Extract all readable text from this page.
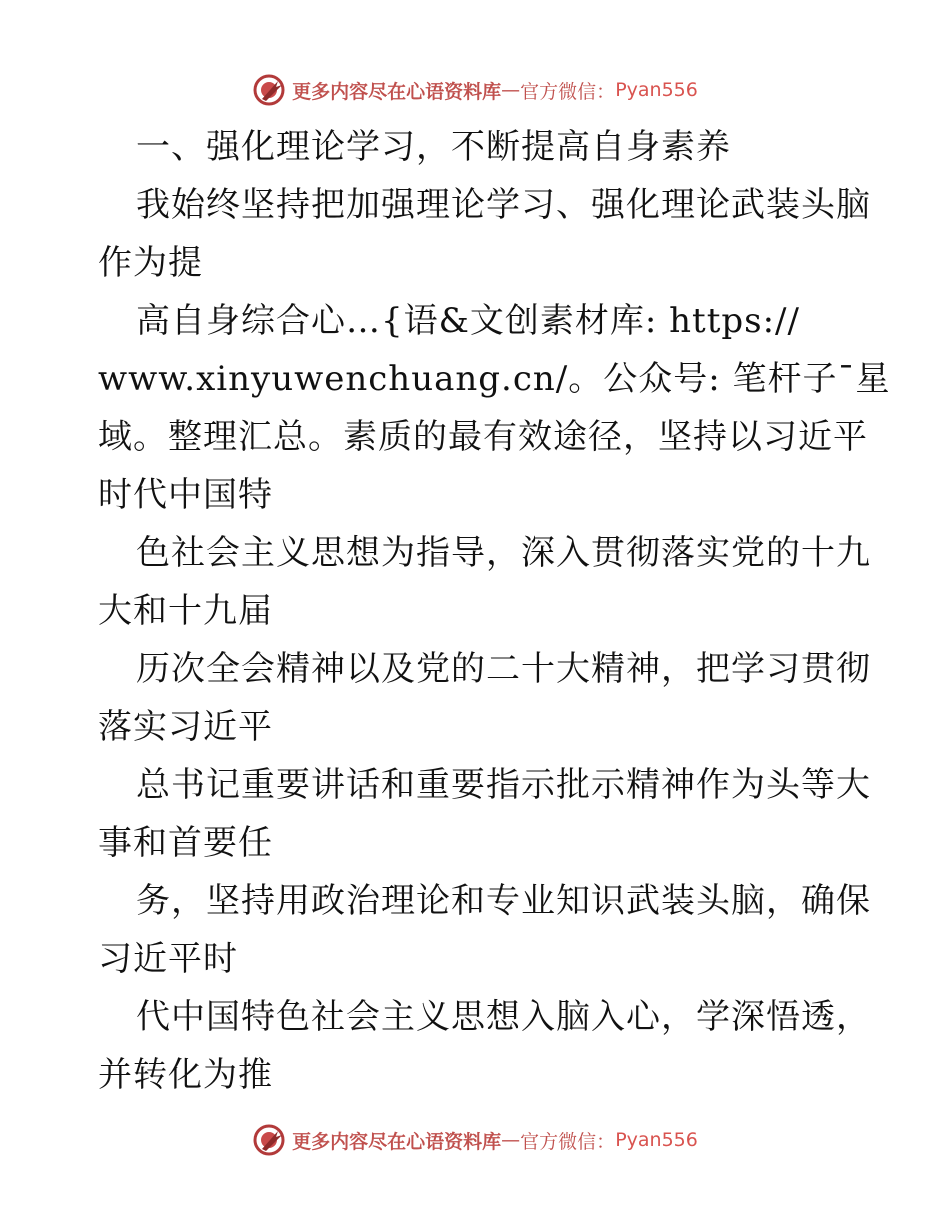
更多内容尽在心语资料库 — 官方微信： Pyan556
一、强化理论学习，不断提高自身素养
我始终坚持把加强理论学习、强化理论武装头脑
作为提
高自身综合心…{语&文创素材库: https://
www.xinyuwenchuang.cn/。公众号: 笔杆子¯星
域。整理汇总。素质的最有效途径，坚持以习近平
时代中国特
色社会主义思想为指导，深入贯彻落实党的十九
大和十九届
历次全会精神以及党的二十大精神，把学习贯彻
落实习近平
总书记重要讲话和重要指示批示精神作为头等大
事和首要任
务，坚持用政治理论和专业知识武装头脑，确保
习近平时
代中国特色社会主义思想入脑入心，学深悟透，
并转化为推
更多内容尽在心语资料库 — 官方微信： Pyan556
